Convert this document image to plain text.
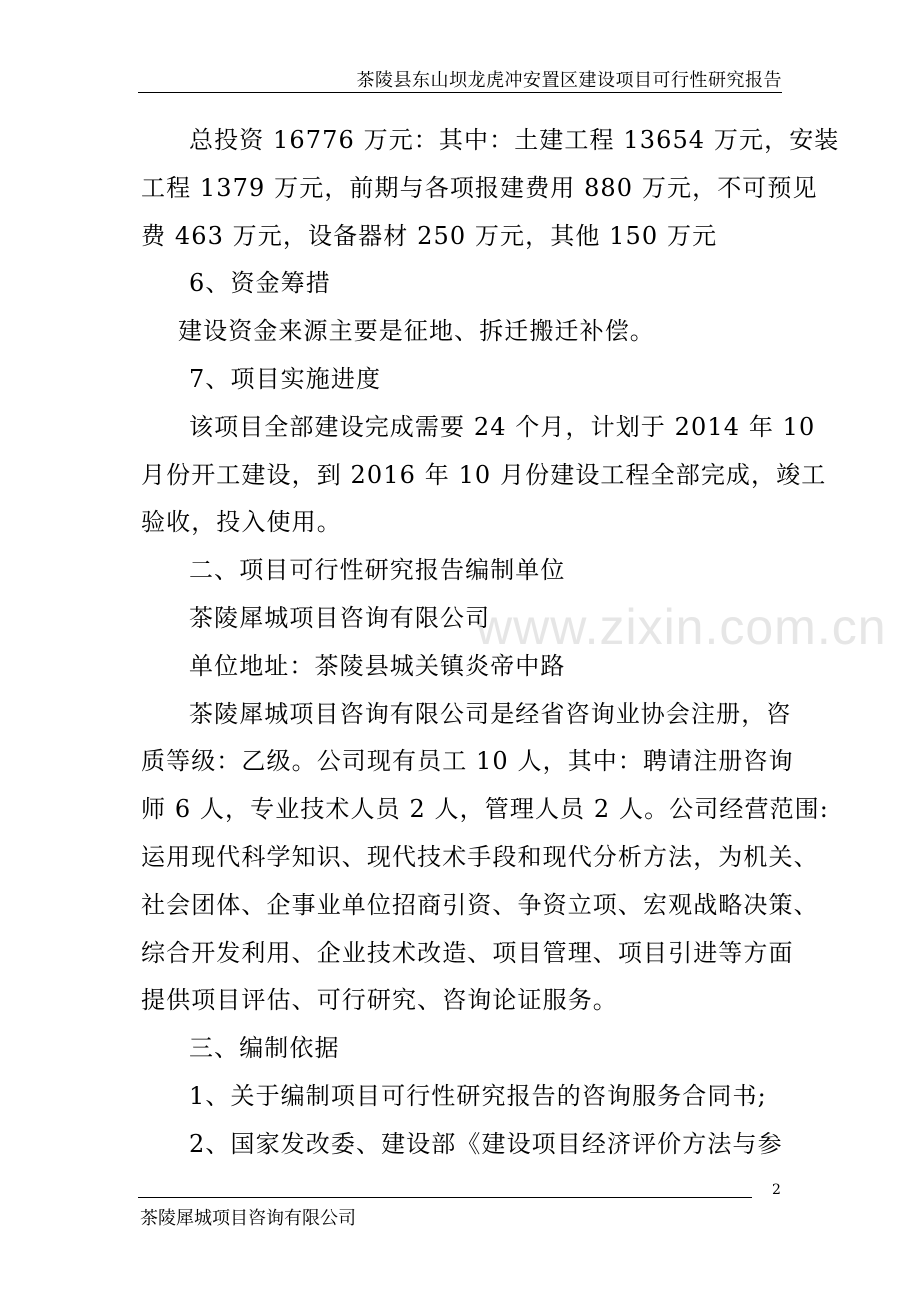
www.zixin.com.cn
茶陵县东山坝龙虎冲安置区建设项目可行性研究报告
总投资 16776 万元：其中：土建工程 13654 万元，安装
工程 1379 万元，前期与各项报建费用 880 万元，不可预见
费 463 万元，设备器材 250 万元，其他 150 万元
6、资金筹措
建设资金来源主要是征地、拆迁搬迁补偿。
7、项目实施进度
该项目全部建设完成需要 24 个月，计划于 2014 年 10
月份开工建设，到 2016 年 10 月份建设工程全部完成，竣工
验收，投入使用。
二、项目可行性研究报告编制单位
茶陵犀城项目咨询有限公司
单位地址：茶陵县城关镇炎帝中路
茶陵犀城项目咨询有限公司是经省咨询业协会注册，咨
质等级：乙级。公司现有员工 10 人，其中：聘请注册咨询
师 6 人，专业技术人员 2 人，管理人员 2 人。公司经营范围:
运用现代科学知识、现代技术手段和现代分析方法，为机关、
社会团体、企事业单位招商引资、争资立项、宏观战略决策、
综合开发利用、企业技术改造、项目管理、项目引进等方面
提供项目评估、可行研究、咨询论证服务。
三、编制依据
1、关于编制项目可行性研究报告的咨询服务合同书;
2、国家发改委、建设部《建设项目经济评价方法与参
2
茶陵犀城项目咨询有限公司
